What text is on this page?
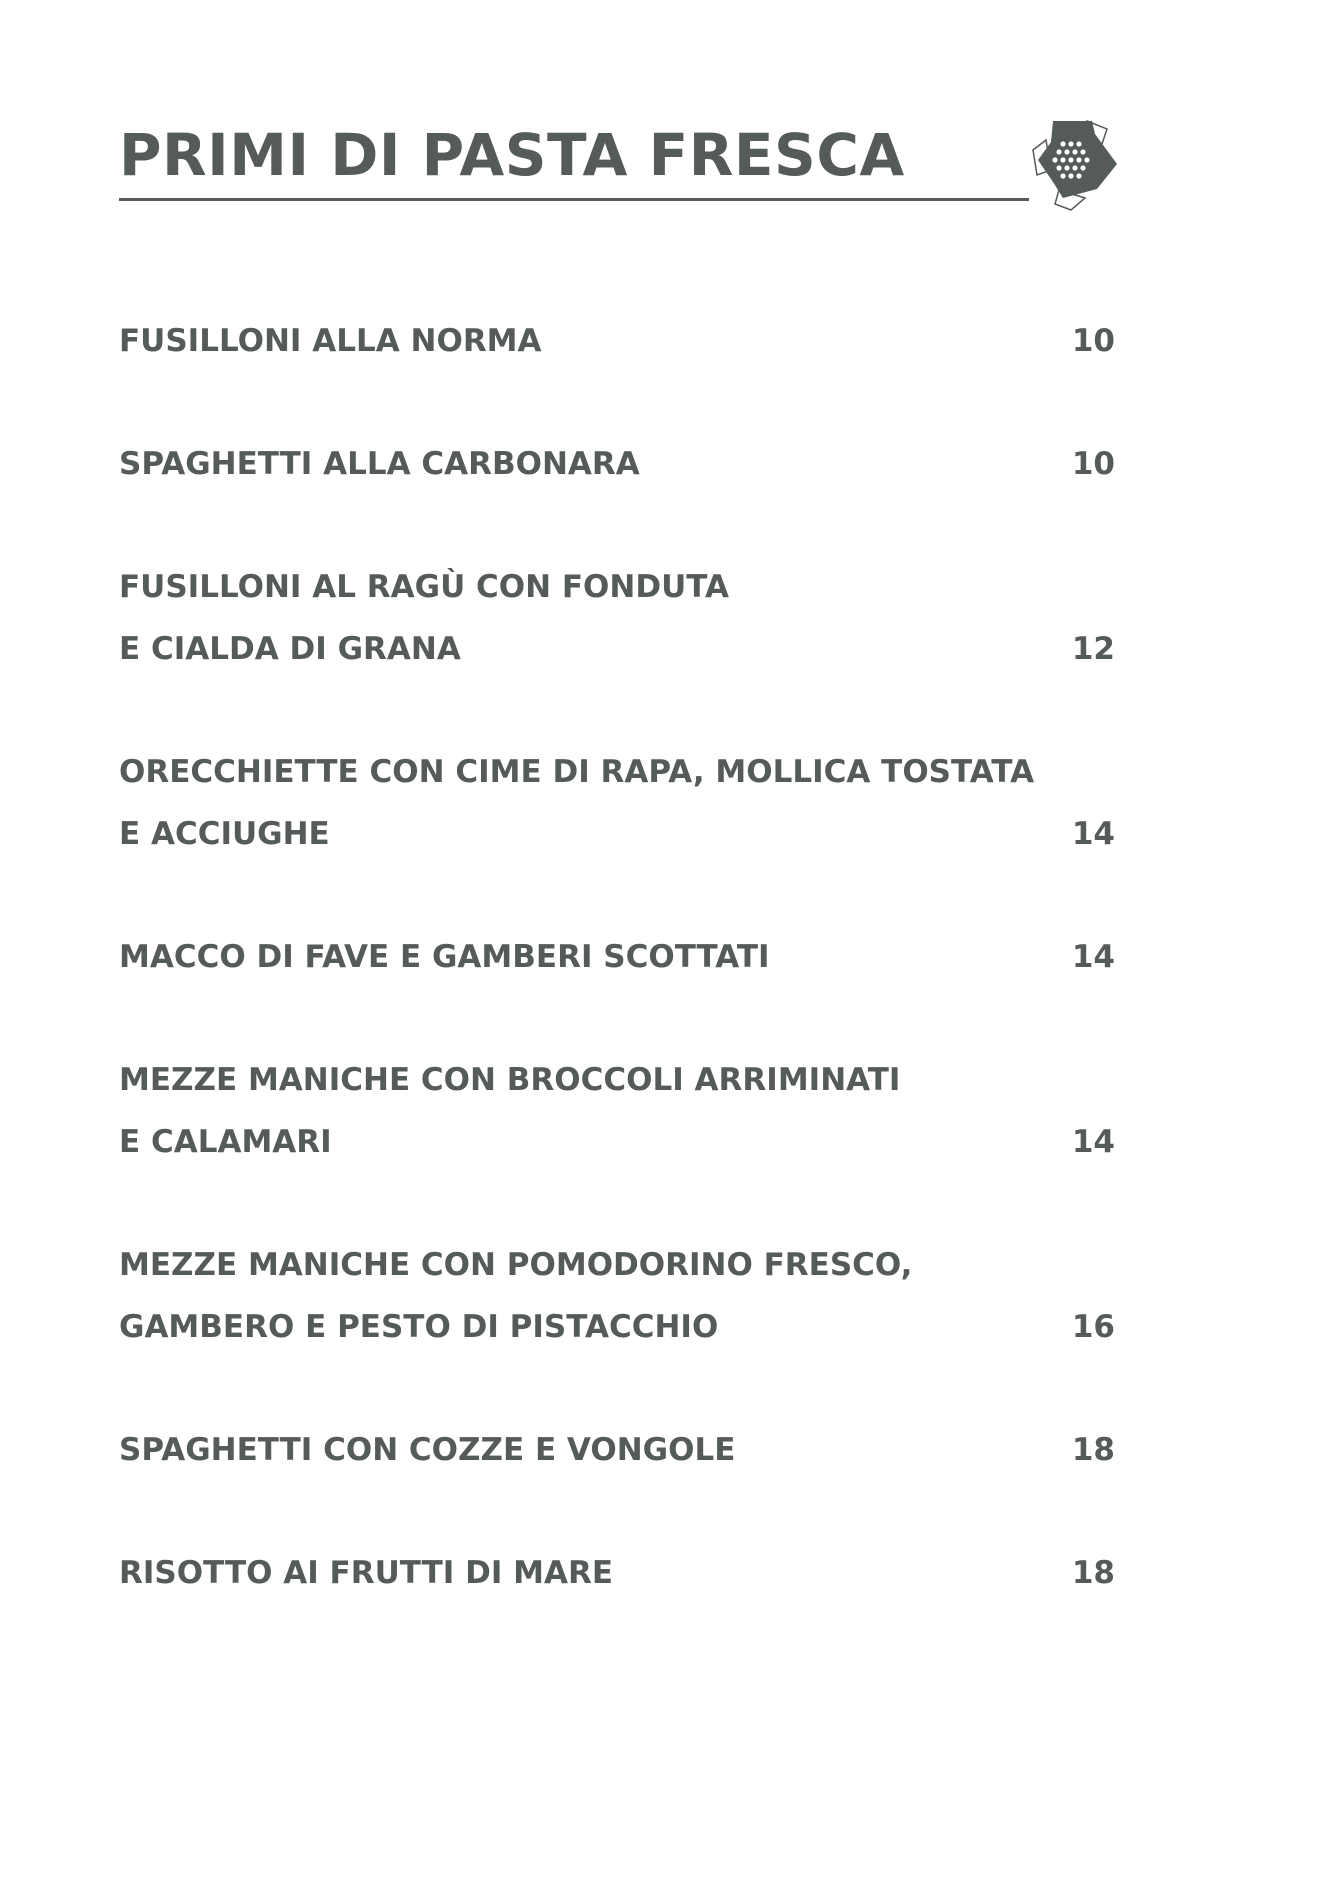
PRIMI DI PASTA FRESCA
FUSILLONI ALLA NORMA	10
SPAGHETTI ALLA CARBONARA	10
FUSILLONI AL RAGÙ CON FONDUTA
E CIALDA DI GRANA	12
ORECCHIETTE CON CIME DI RAPA, MOLLICA TOSTATA
E ACCIUGHE	14
MACCO DI FAVE E GAMBERI SCOTTATI	14
MEZZE MANICHE CON BROCCOLI ARRIMINATI
E CALAMARI	14
MEZZE MANICHE CON POMODORINO FRESCO,
GAMBERO E PESTO DI PISTACCHIO	16
SPAGHETTI CON COZZE E VONGOLE	18
RISOTTO AI FRUTTI DI MARE	18
